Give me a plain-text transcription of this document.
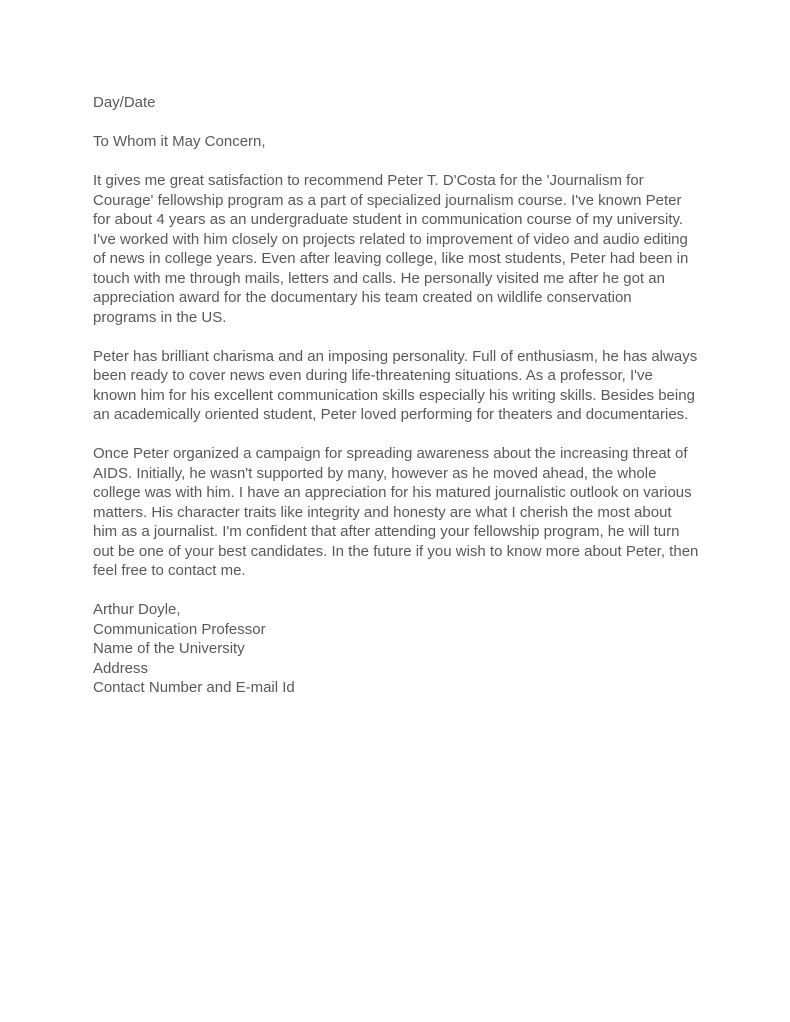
Day/Date
To Whom it May Concern,

It gives me great satisfaction to recommend Peter T. D'Costa for the 'Journalism for Courage' fellowship program as a part of specialized journalism course. I've known Peter for about 4 years as an undergraduate student in communication course of my university. I've worked with him closely on projects related to improvement of video and audio editing of news in college years. Even after leaving college, like most students, Peter had been in touch with me through mails, letters and calls. He personally visited me after he got an appreciation award for the documentary his team created on wildlife conservation programs in the US.

Peter has brilliant charisma and an imposing personality. Full of enthusiasm, he has always been ready to cover news even during life-threatening situations. As a professor, I've known him for his excellent communication skills especially his writing skills. Besides being an academically oriented student, Peter loved performing for theaters and documentaries.

Once Peter organized a campaign for spreading awareness about the increasing threat of AIDS. Initially, he wasn't supported by many, however as he moved ahead, the whole college was with him. I have an appreciation for his matured journalistic outlook on various matters. His character traits like integrity and honesty are what I cherish the most about him as a journalist. I'm confident that after attending your fellowship program, he will turn out be one of your best candidates. In the future if you wish to know more about Peter, then feel free to contact me.

Arthur Doyle,
Communication Professor
Name of the University
Address
Contact Number and E-mail Id
